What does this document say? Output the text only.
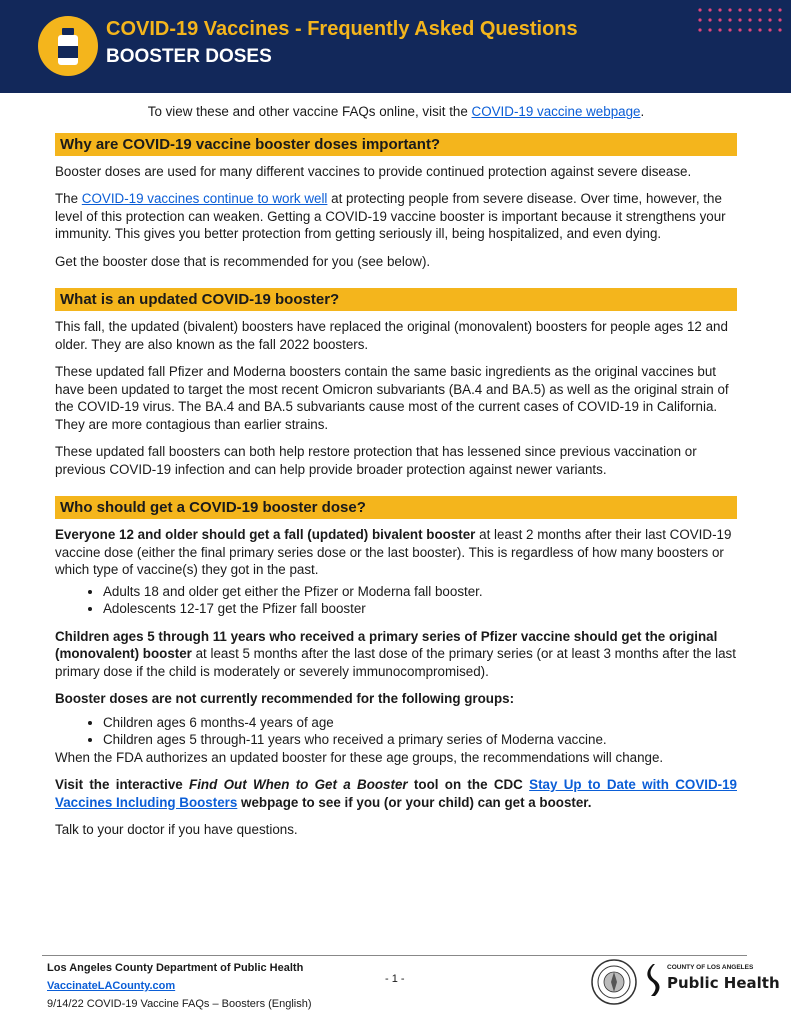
COVID-19 Vaccines - Frequently Asked Questions
BOOSTER DOSES
To view these and other vaccine FAQs online, visit the COVID-19 vaccine webpage.
Why are COVID-19 vaccine booster doses important?

Booster doses are used for many different vaccines to provide continued protection against severe disease.

The COVID-19 vaccines continue to work well at protecting people from severe disease. Over time, however, the level of this protection can weaken. Getting a COVID-19 vaccine booster is important because it strengthens your immunity. This gives you better protection from getting seriously ill, being hospitalized, and even dying.

Get the booster dose that is recommended for you (see below).

What is an updated COVID-19 booster?

This fall, the updated (bivalent) boosters have replaced the original (monovalent) boosters for people ages 12 and older. They are also known as the fall 2022 boosters.

These updated fall Pfizer and Moderna boosters contain the same basic ingredients as the original vaccines but have been updated to target the most recent Omicron subvariants (BA.4 and BA.5) as well as the original strain of the COVID-19 virus. The BA.4 and BA.5 subvariants cause most of the current cases of COVID-19 in California. They are more contagious than earlier strains.

These updated fall boosters can both help restore protection that has lessened since previous vaccination or previous COVID-19 infection and can help provide broader protection against newer variants.

Who should get a COVID-19 booster dose?

Everyone 12 and older should get a fall (updated) bivalent booster at least 2 months after their last COVID-19 vaccine dose (either the final primary series dose or the last booster). This is regardless of how many boosters or which type of vaccine(s) they got in the past.

• Adults 18 and older get either the Pfizer or Moderna fall booster.
• Adolescents 12-17 get the Pfizer fall booster

Children ages 5 through 11 years who received a primary series of Pfizer vaccine should get the original (monovalent) booster at least 5 months after the last dose of the primary series (or at least 3 months after the last primary dose if the child is moderately or severely immunocompromised).

Booster doses are not currently recommended for the following groups:

• Children ages 6 months-4 years of age
• Children ages 5 through-11 years who received a primary series of Moderna vaccine.

When the FDA authorizes an updated booster for these age groups, the recommendations will change.

Visit the interactive Find Out When to Get a Booster tool on the CDC Stay Up to Date with COVID-19 Vaccines Including Boosters webpage to see if you (or your child) can get a booster.

Talk to your doctor if you have questions.

Los Angeles County Department of Public Health
VaccinateLACounty.com
9/14/22 COVID-19 Vaccine FAQs – Boosters (English)
- 1 -
COUNTY OF LOS ANGELES
Public Health
